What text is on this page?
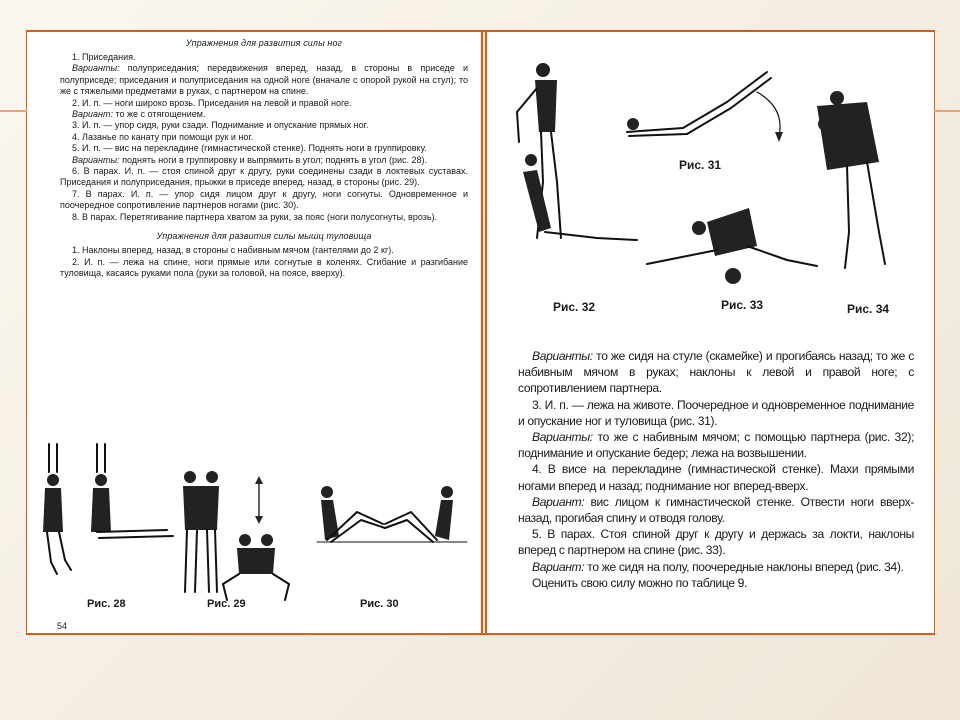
Упражнения для развития силы ног

1. Приседания.

Варианты: полуприседания; передвижения вперед, назад, в стороны в приседе и полуприседе; приседания и полуприседания на одной ноге (вначале с опорой рукой на стул); то же с тяжелыми предметами в руках, с партнером на спине.

2. И. п. — ноги широко врозь. Приседания на левой и правой ноге.

Вариант: то же с отягощением.

3. И. п. — упор сидя, руки сзади. Поднимание и опускание прямых ног.

4. Лазанье по канату при помощи рук и ног.

5. И. п. — вис на перекладине (гимнастической стенке). Поднять ноги в группировку.

Варианты: поднять ноги в группировку и выпрямить в угол; поднять в угол (рис. 28).

6. В парах. И. п. — стоя спиной друг к другу, руки соединены сзади в локтевых суставах. Приседания и полуприседания, прыжки в приседе вперед, назад, в стороны (рис. 29).

7. В парах. И. п. — упор сидя лицом друг к другу, ноги согнуты. Одновременное и поочередное сопротивление партнеров ногами (рис. 30).

8. В парах. Перетягивание партнера хватом за руки, за пояс (ноги полусогнуты, врозь).

Упражнения для развития силы мышц туловища

1. Наклоны вперед, назад, в стороны с набивным мячом (гантелями до 2 кг).

2. И. п. — лежа на спине, ноги прямые или согнутые в коленях. Сгибание и разгибание туловища, касаясь руками пола (руки за головой, на поясе, вверху).

Рис. 28	Рис. 29	Рис. 30
54
Рис. 31
Рис. 32	Рис. 33	Рис. 34

Варианты: то же сидя на стуле (скамейке) и прогибаясь назад; то же с набивным мячом в руках; наклоны к левой и правой ноге; с сопротивлением партнера.

3. И. п. — лежа на животе. Поочередное и одновременное поднимание и опускание ног и туловища (рис. 31).

Варианты: то же с набивным мячом; с помощью партнера (рис. 32); поднимание и опускание бедер; лежа на возвышении.

4. В висе на перекладине (гимнастической стенке). Махи прямыми ногами вперед и назад; поднимание ног вперед-вверх.

Вариант: вис лицом к гимнастической стенке. Отвести ноги вверх-назад, прогибая спину и отводя голову.

5. В парах. Стоя спиной друг к другу и держась за локти, наклоны вперед с партнером на спине (рис. 33).

Вариант: то же сидя на полу, поочередные наклоны вперед (рис. 34).

Оценить свою силу можно по таблице 9.
